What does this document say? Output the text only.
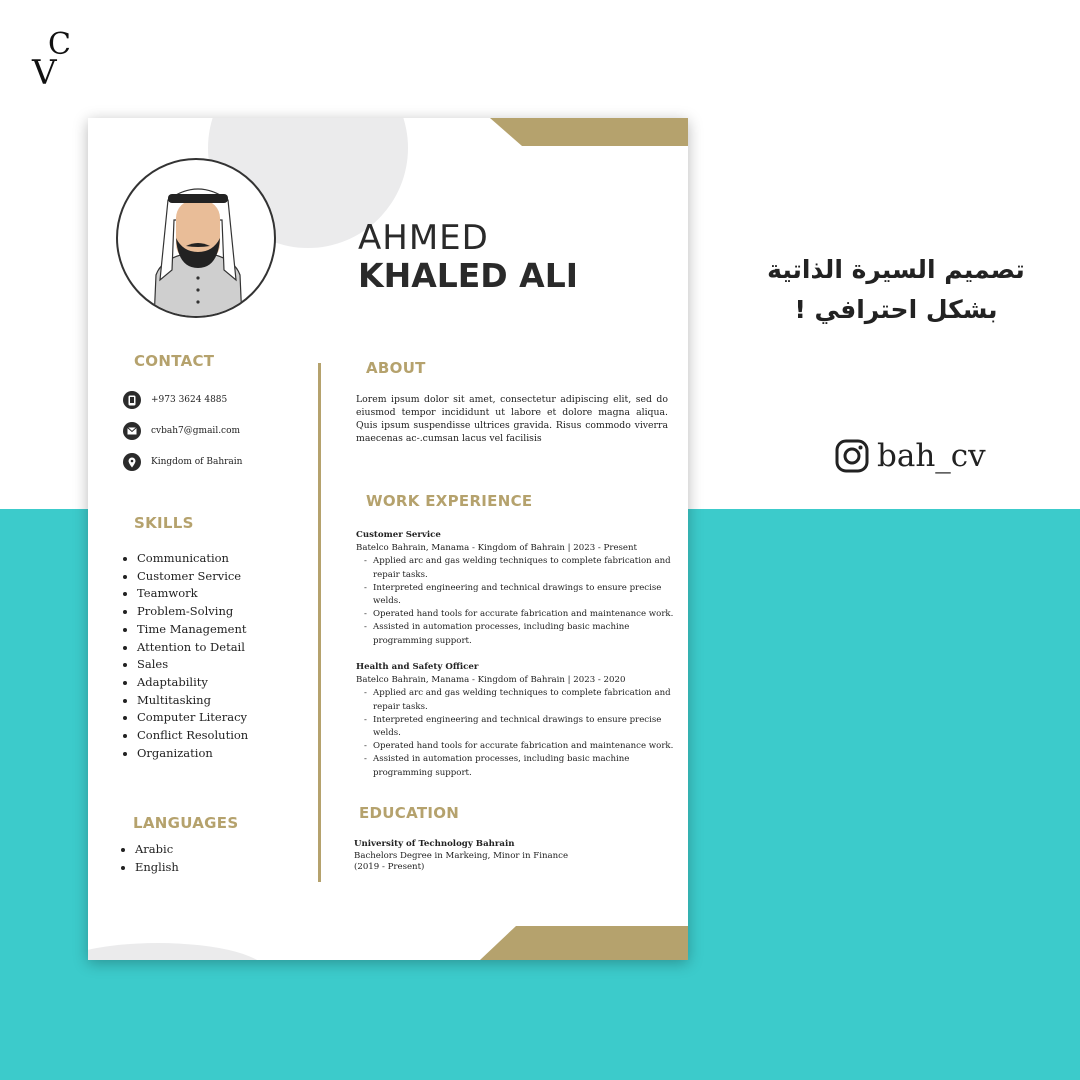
C
V
AHMED
KHALED ALI
CONTACT
+973 3624 4885
cvbah7@gmail.com
Kingdom of Bahrain
SKILLS
• Communication
• Customer Service
• Teamwork
• Problem-Solving
• Time Management
• Attention to Detail
• Sales
• Adaptability
• Multitasking
• Computer Literacy
• Conflict Resolution
• Organization
LANGUAGES
• Arabic
• English
ABOUT
Lorem ipsum dolor sit amet, consectetur adipiscing elit, sed do eiusmod tempor incididunt ut labore et dolore magna aliqua. Quis ipsum suspendisse ultrices gravida. Risus commodo viverra maecenas ac-.cumsan lacus vel facilisis
WORK EXPERIENCE
Customer Service
Batelco Bahrain, Manama - Kingdom of Bahrain | 2023 - Present
- Applied arc and gas welding techniques to complete fabrication and repair tasks.
- Interpreted engineering and technical drawings to ensure precise welds.
- Operated hand tools for accurate fabrication and maintenance work.
- Assisted in automation processes, including basic machine programming support.
Health and Safety Officer
Batelco Bahrain, Manama - Kingdom of Bahrain | 2023 - 2020
- Applied arc and gas welding techniques to complete fabrication and repair tasks.
- Interpreted engineering and technical drawings to ensure precise welds.
- Operated hand tools for accurate fabrication and maintenance work.
- Assisted in automation processes, including basic machine programming support.
EDUCATION
University of Technology Bahrain
Bachelors Degree in Markeing, Minor in Finance
(2019 - Present)
تصميم السيرة الذاتية
بشكل احترافي !
bah_cv
